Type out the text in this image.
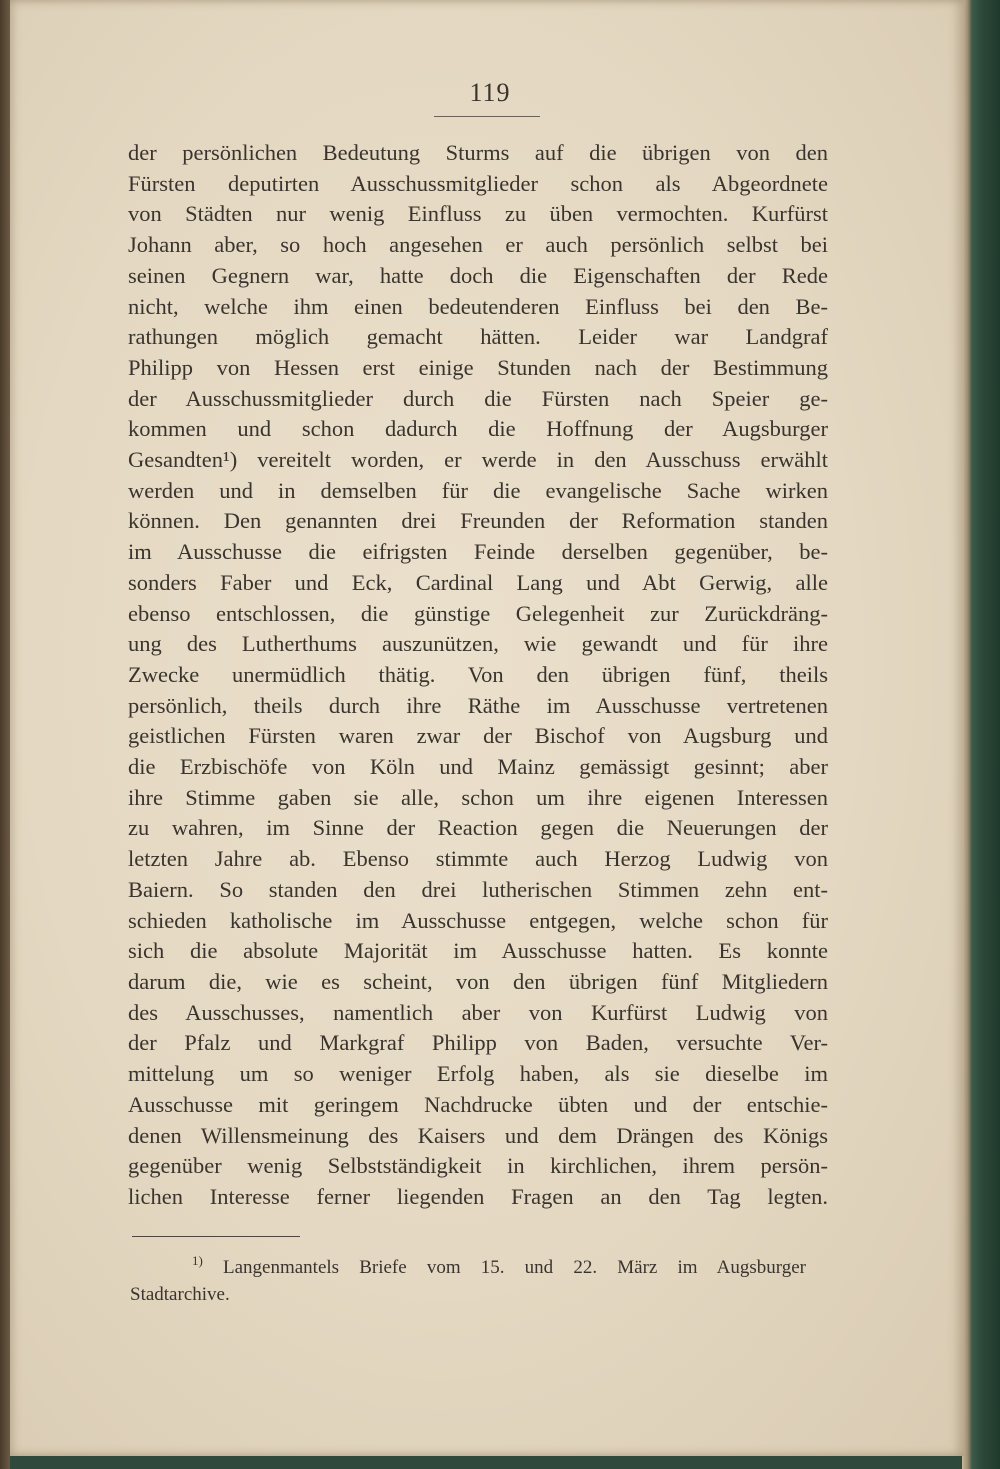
119
der persönlichen Bedeutung Sturms auf die übrigen von den
Fürsten deputirten Ausschussmitglieder schon als Abgeordnete
von Städten nur wenig Einfluss zu üben vermochten. Kurfürst
Johann aber, so hoch angesehen er auch persönlich selbst bei
seinen Gegnern war, hatte doch die Eigenschaften der Rede
nicht, welche ihm einen bedeutenderen Einfluss bei den Be-
rathungen möglich gemacht hätten. Leider war Landgraf
Philipp von Hessen erst einige Stunden nach der Bestimmung
der Ausschussmitglieder durch die Fürsten nach Speier ge-
kommen und schon dadurch die Hoffnung der Augsburger
Gesandten¹) vereitelt worden, er werde in den Ausschuss erwählt
werden und in demselben für die evangelische Sache wirken
können. Den genannten drei Freunden der Reformation standen
im Ausschusse die eifrigsten Feinde derselben gegenüber, be-
sonders Faber und Eck, Cardinal Lang und Abt Gerwig, alle
ebenso entschlossen, die günstige Gelegenheit zur Zurückdräng-
ung des Lutherthums auszunützen, wie gewandt und für ihre
Zwecke unermüdlich thätig. Von den übrigen fünf, theils
persönlich, theils durch ihre Räthe im Ausschusse vertretenen
geistlichen Fürsten waren zwar der Bischof von Augsburg und
die Erzbischöfe von Köln und Mainz gemässigt gesinnt; aber
ihre Stimme gaben sie alle, schon um ihre eigenen Interessen
zu wahren, im Sinne der Reaction gegen die Neuerungen der
letzten Jahre ab. Ebenso stimmte auch Herzog Ludwig von
Baiern. So standen den drei lutherischen Stimmen zehn ent-
schieden katholische im Ausschusse entgegen, welche schon für
sich die absolute Majorität im Ausschusse hatten. Es konnte
darum die, wie es scheint, von den übrigen fünf Mitgliedern
des Ausschusses, namentlich aber von Kurfürst Ludwig von
der Pfalz und Markgraf Philipp von Baden, versuchte Ver-
mittelung um so weniger Erfolg haben, als sie dieselbe im
Ausschusse mit geringem Nachdrucke übten und der entschie-
denen Willensmeinung des Kaisers und dem Drängen des Königs
gegenüber wenig Selbstständigkeit in kirchlichen, ihrem persön-
lichen Interesse ferner liegenden Fragen an den Tag legten.
$^{1)}$ Langenmantels Briefe vom 15. und 22. März im Augsburger
Stadtarchive.
